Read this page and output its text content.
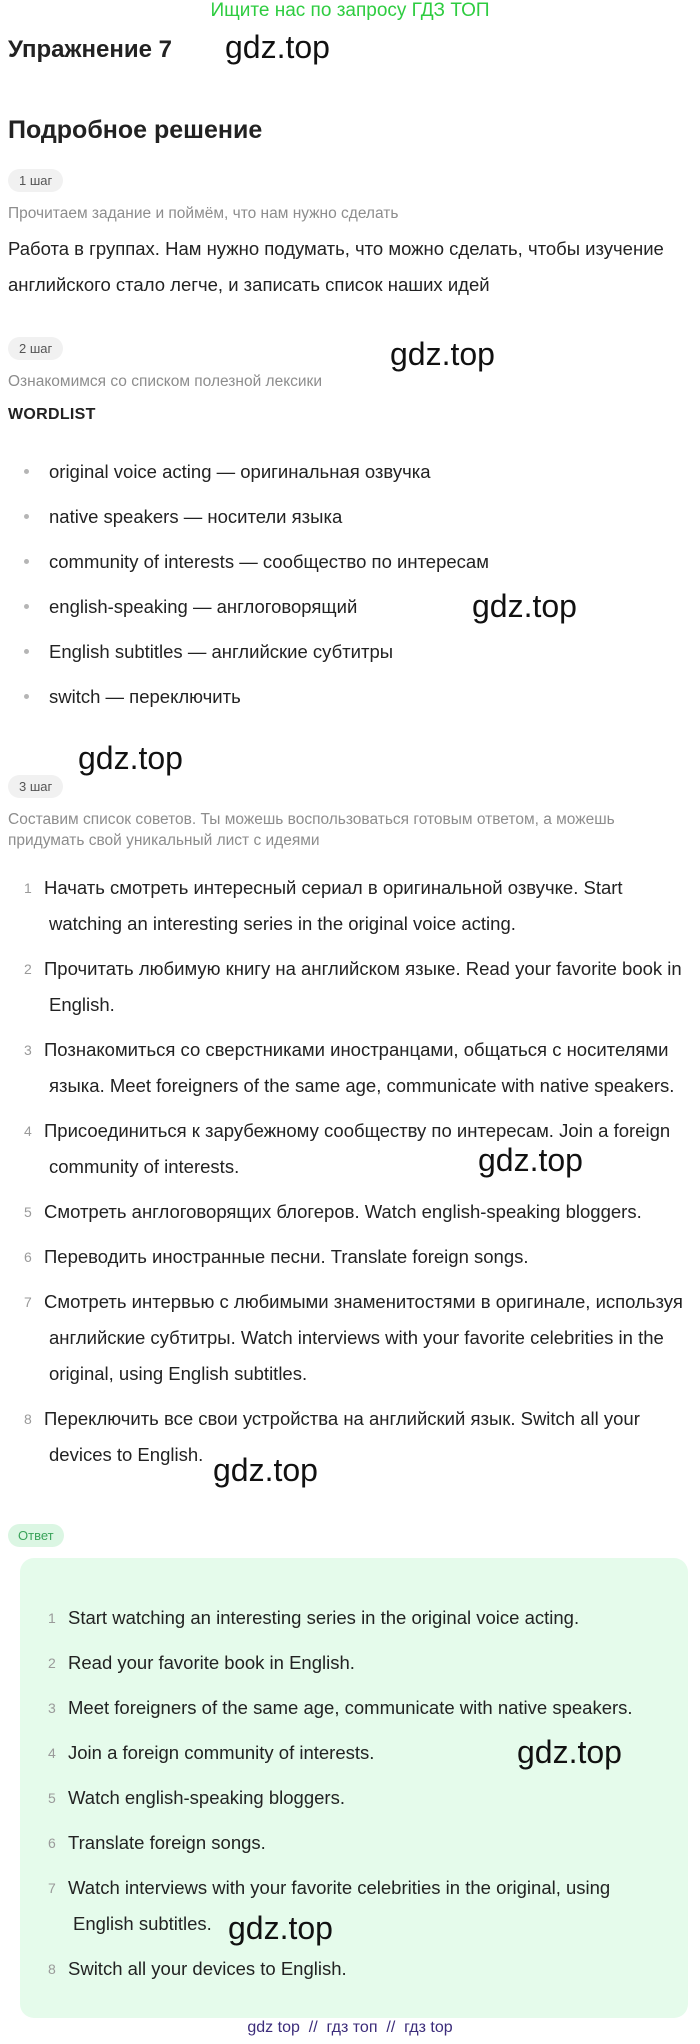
Ищите нас по запросу ГДЗ ТОП
Упражнение 7 gdz.top
Подробное решение
1 шаг
Прочитаем задание и поймём, что нам нужно сделать
Работа в группах. Нам нужно подумать, что можно сделать, чтобы изучение
английского стало легче, и записать список наших идей
2 шаг	gdz.top
Ознакомимся со списком полезной лексики
WORDLIST
original voice acting — оригинальная озвучка
native speakers — носители языка
community of interests — сообщество по интересам
english-speaking — англоговорящий
English subtitles — английские субтитры
switch — переключить
gdz.top
gdz.top
3 шаг
Составим список советов. Ты можешь воспользоваться готовым ответом, а можешь
придумать свой уникальный лист с идеями
1 Начать смотреть интересный сериал в оригинальной озвучке. Start
watching an interesting series in the original voice acting.
2 Прочитать любимую книгу на английском языке. Read your favorite book in
English.
3 Познакомиться со сверстниками иностранцами, общаться с носителями
языка. Meet foreigners of the same age, communicate with native speakers.
4 Присоединиться к зарубежному сообществу по интересам. Join a foreign
community of interests.
5 Смотреть англоговорящих блогеров. Watch english-speaking bloggers.
6 Переводить иностранные песни. Translate foreign songs.
7 Смотреть интервью с любимыми знаменитостями в оригинале, используя
английские субтитры. Watch interviews with your favorite celebrities in the
original, using English subtitles.
8 Переключить все свои устройства на английский язык. Switch all your
devices to English.
gdz.top
gdz.top
Ответ
1 Start watching an interesting series in the original voice acting.
2 Read your favorite book in English.
3 Meet foreigners of the same age, communicate with native speakers.
4 Join a foreign community of interests.
5 Watch english-speaking bloggers.
6 Translate foreign songs.
7 Watch interviews with your favorite celebrities in the original, using
English subtitles.
8 Switch all your devices to English.
gdz.top
gdz.top
gdz top  //  гдз топ  //  гдз top
